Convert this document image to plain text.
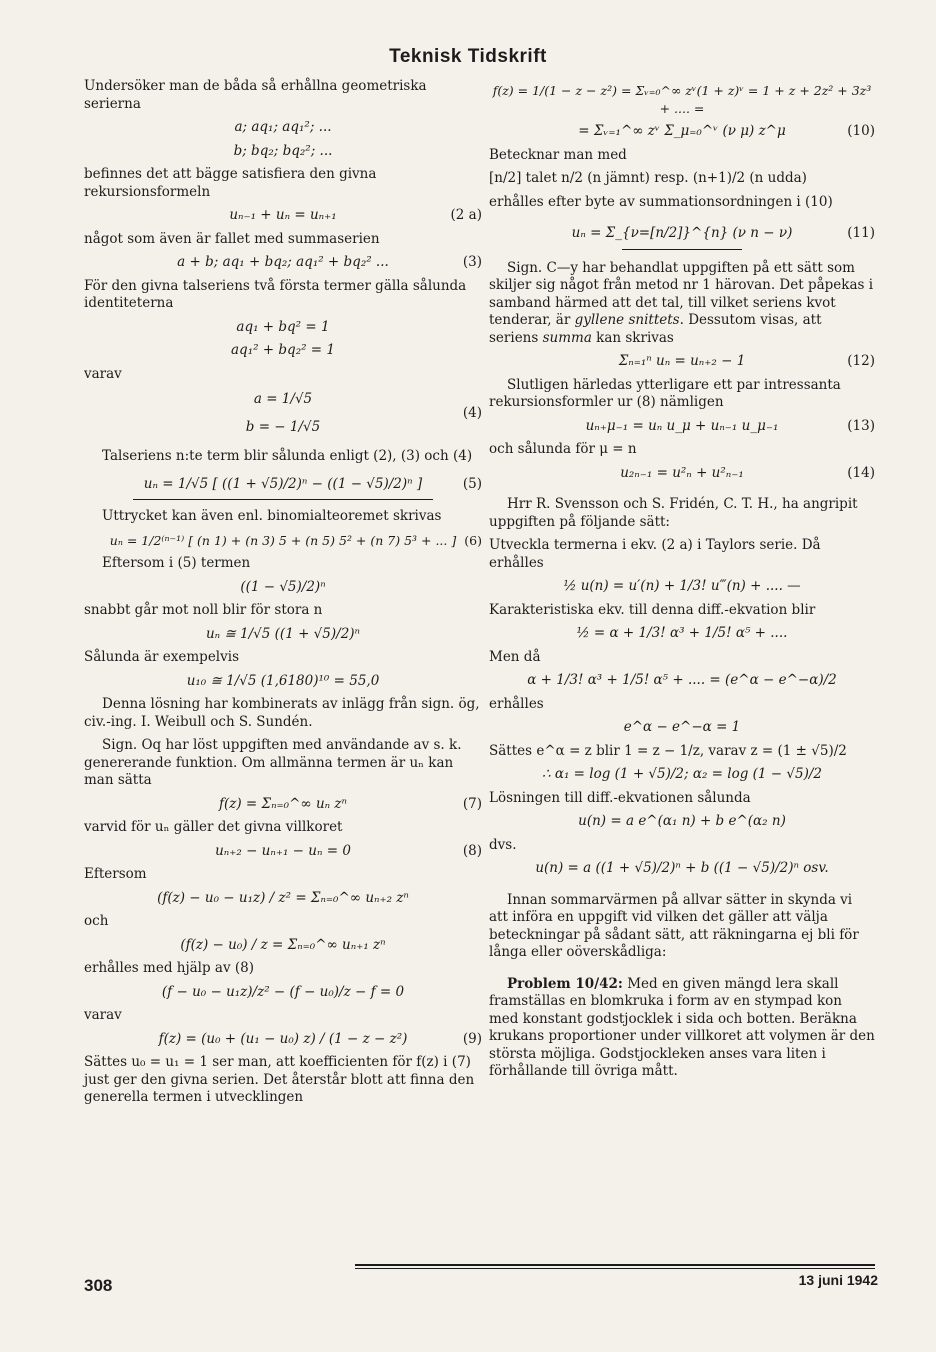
Teknisk Tidskrift

Undersöker man de båda så erhållna geometriska serierna

a; aq₁; aq₁²; ...
b; bq₂; bq₂²; ...

befinnes det att bägge satisfiera den givna rekursionsformeln

uₙ₋₁ + uₙ = uₙ₊₁	(2 a)

något som även är fallet med summaserien

a + b; aq₁ + bq₂; aq₁² + bq₂² ...	(3)

För den givna talseriens två första termer gälla sålunda identiteterna

aq₁ + bq² = 1
aq₁² + bq₂² = 1

varav

a = 1/√5
b = − 1/√5
(4)

Talseriens n:te term blir sålunda enligt (2), (3) och (4)

uₙ = 1/√5 [ ((1 + √5)/2)ⁿ − ((1 − √5)/2)ⁿ ]	(5)

Uttrycket kan även enl. binomialteoremet skrivas

uₙ = 1/2⁽ⁿ⁻¹⁾ [ (n 1) + (n 3) 5 + (n 5) 5² + (n 7) 5³ + ... ] (6)

Eftersom i (5) termen

((1 − √5)/2)ⁿ

snabbt går mot noll blir för stora n

uₙ ≅ 1/√5 ((1 + √5)/2)ⁿ

Sålunda är exempelvis

u₁₀ ≅ 1/√5 (1,6180)¹⁰ = 55,0

Denna lösning har kombinerats av inlägg från sign. ög, civ.-ing. I. Weibull och S. Sundén.

Sign. Oq har löst uppgiften med användande av s. k. genererande funktion. Om allmänna termen är uₙ kan man sätta

f(z) = Σₙ₌₀^∞ uₙ zⁿ	(7)

varvid för uₙ gäller det givna villkoret

uₙ₊₂ − uₙ₊₁ − uₙ = 0	(8)

Eftersom

(f(z) − u₀ − u₁z) / z² = Σₙ₌₀^∞ uₙ₊₂ zⁿ

och

(f(z) − u₀) / z = Σₙ₌₀^∞ uₙ₊₁ zⁿ

erhålles med hjälp av (8)

(f − u₀ − u₁z)/z² − (f − u₀)/z − f = 0

varav

f(z) = (u₀ + (u₁ − u₀) z) / (1 − z − z²)	(9)

Sättes u₀ = u₁ = 1 ser man, att koefficienten för f(z) i (7) just ger den givna serien. Det återstår blott att finna den generella termen i utvecklingen

f(z) = 1/(1 − z − z²) = Σᵥ₌₀^∞ zᵛ(1 + z)ᵛ = 1 + z + 2z² + 3z³ + .... =
= Σᵥ₌₁^∞ zᵛ Σ_μ₌₀^ᵛ (ν μ) z^μ	(10)

Betecknar man med

[n/2] talet n/2 (n jämnt) resp. (n+1)/2 (n udda)

erhålles efter byte av summationsordningen i (10)

uₙ = Σ_{ν=[n/2]}^{n} (ν n − ν)	(11)

Sign. C—y har behandlat uppgiften på ett sätt som skiljer sig något från metod nr 1 härovan. Det påpekas i samband härmed att det tal, till vilket seriens kvot tenderar, är gyllene snittets. Dessutom visas, att seriens summa kan skrivas

Σₙ₌₁ⁿ uₙ = uₙ₊₂ − 1	(12)

Slutligen härledas ytterligare ett par intressanta rekursionsformler ur (8) nämligen

uₙ₊μ₋₁ = uₙ u_μ + uₙ₋₁ u_μ₋₁	(13)

och sålunda för μ = n

u₂ₙ₋₁ = u²ₙ + u²ₙ₋₁	(14)

Hrr R. Svensson och S. Fridén, C. T. H., ha angripit uppgiften på följande sätt:

Utveckla termerna i ekv. (2 a) i Taylors serie. Då erhålles

½ u(n) = u′(n) + 1/3! u‴(n) + .... —

Karakteristiska ekv. till denna diff.-ekvation blir

½ = α + 1/3! α³ + 1/5! α⁵ + ....

Men då

α + 1/3! α³ + 1/5! α⁵ + .... = (e^α − e^−α)/2

erhålles

e^α − e^−α = 1

Sättes e^α = z blir 1 = z − 1/z, varav z = (1 ± √5)/2

∴ α₁ = log (1 + √5)/2; α₂ = log (1 − √5)/2

Lösningen till diff.-ekvationen sålunda

u(n) = a e^(α₁ n) + b e^(α₂ n)

dvs.

u(n) = a ((1 + √5)/2)ⁿ + b ((1 − √5)/2)ⁿ osv.

Innan sommarvärmen på allvar sätter in skynda vi att införa en uppgift vid vilken det gäller att välja beteckningar på sådant sätt, att räkningarna ej bli för långa eller oöverskådliga:

Problem 10/42: Med en given mängd lera skall framställas en blomkruka i form av en stympad kon med konstant godstjocklek i sida och botten. Beräkna krukans proportioner under villkoret att volymen är den största möjliga. Godstjockleken anses vara liten i förhållande till övriga mått.

308	13 juni 1942
